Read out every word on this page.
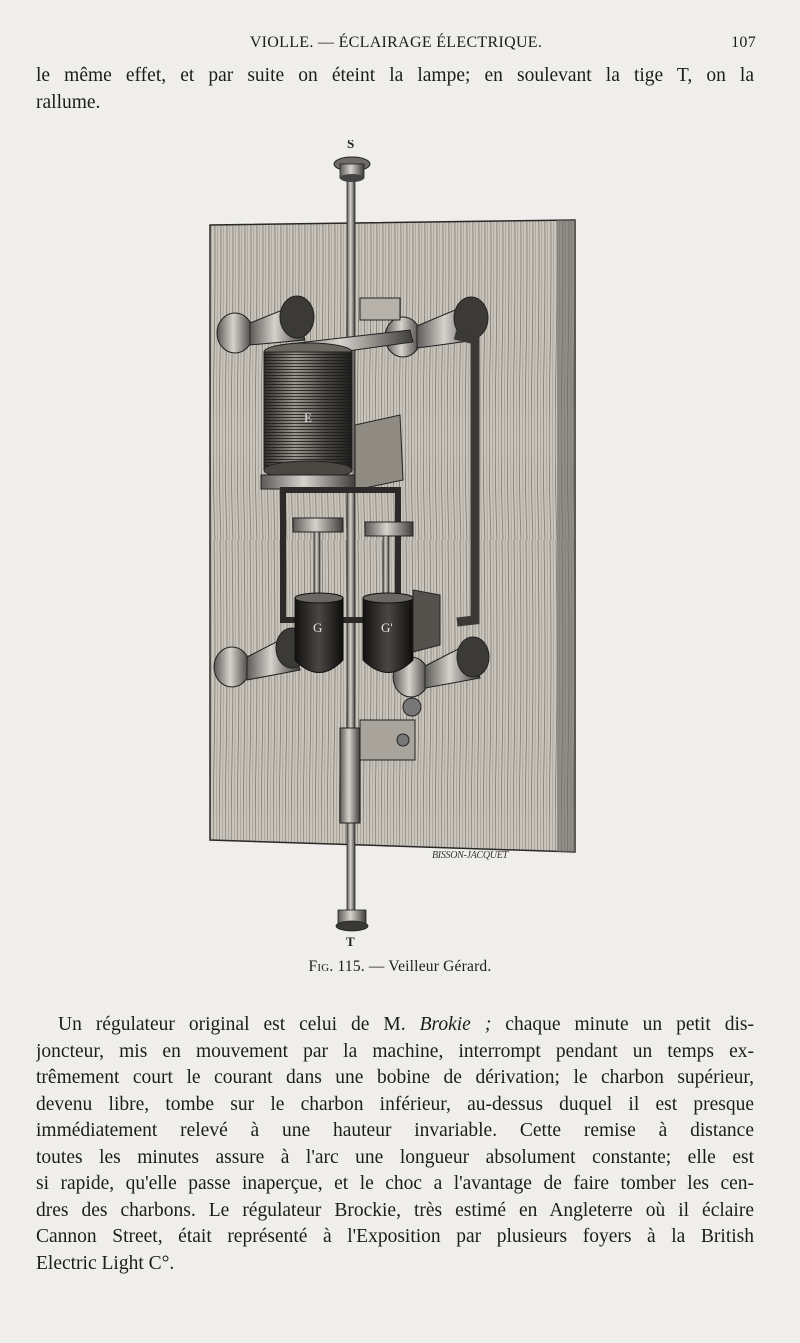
VIOLLE. — ÉCLAIRAGE ÉLECTRIQUE.	107
le même effet, et par suite on éteint la lampe; en soulevant la tige T, on la
rallume.
S
T
E
G	G'
BISSON-JACQUET
Fig. 115. — Veilleur Gérard.
Un régulateur original est celui de M. Brokie ; chaque minute un petit dis-
joncteur, mis en mouvement par la machine, interrompt pendant un temps ex-
trêmement court le courant dans une bobine de dérivation; le charbon supérieur,
devenu libre, tombe sur le charbon inférieur, au-dessus duquel il est presque
immédiatement relevé à une hauteur invariable. Cette remise à distance
toutes les minutes assure à l'arc une longueur absolument constante; elle est
si rapide, qu'elle passe inaperçue, et le choc a l'avantage de faire tomber les cen-
dres des charbons. Le régulateur Brockie, très estimé en Angleterre où il éclaire
Cannon Street, était représenté à l'Exposition par plusieurs foyers à la British
Electric Light C°.
